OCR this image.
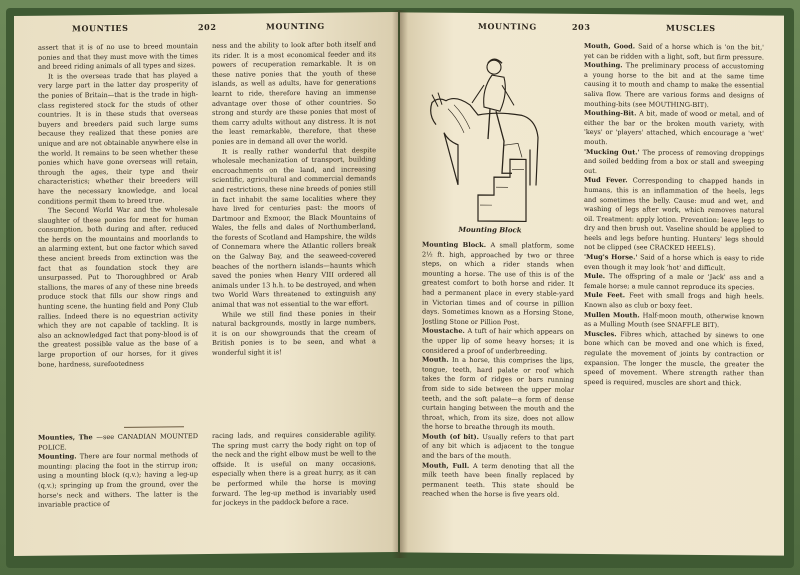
MOUNTIES	202	MOUNTING

assert that it is of no use to breed mountain ponies and that they must move with the times and breed riding animals of all types and sizes.

It is the overseas trade that has played a very large part in the latter day prosperity of the ponies of Britain—that is the trade in high-class registered stock for the studs of other countries. It is in these studs that overseas buyers and breeders paid such large sums because they realized that these ponies are unique and are not obtainable anywhere else in the world. It remains to be seen whether these ponies which have gone overseas will retain, through the ages, their type and their characteristics; whether their breeders will have the necessary knowledge, and local conditions permit them to breed true.

The Second World War and the wholesale slaughter of these ponies for meat for human consumption, both during and after, reduced the herds on the mountains and moorlands to an alarming extent, but one factor which saved these ancient breeds from extinction was the fact that as foundation stock they are unsurpassed. Put to Thoroughbred or Arab stallions, the mares of any of these nine breeds produce stock that fills our show rings and hunting scene, the hunting field and Pony Club rallies. Indeed there is no equestrian activity which they are not capable of tackling. It is also an acknowledged fact that pony-blood is of the greatest possible value as the base of a large proportion of our horses, for it gives bone, hardness, surefootedness

ness and the ability to look after both itself and its rider. It is a most economical feeder and its powers of recuperation remarkable. It is on these native ponies that the youth of these islands, as well as adults, have for generations learnt to ride, therefore having an immense advantage over those of other countries. So strong and sturdy are these ponies that most of them carry adults without any distress. It is not the least remarkable, therefore, that these ponies are in demand all over the world.

It is really rather wonderful that despite wholesale mechanization of transport, building encroachments on the land, and increasing scientific, agricultural and commercial demands and restrictions, these nine breeds of ponies still in fact inhabit the same localities where they have lived for centuries past: the moors of Dartmoor and Exmoor, the Black Mountains of Wales, the fells and dales of Northumberland, the forests of Scotland and Hampshire, the wilds of Connemara where the Atlantic rollers break on the Galway Bay, and the seaweed-covered beaches of the northern islands—haunts which saved the ponies when Henry VIII ordered all animals under 13 h.h. to be destroyed, and when two World Wars threatened to extinguish any animal that was not essential to the war effort.

While we still find these ponies in their natural backgrounds, mostly in large numbers, it is on our showgrounds that the cream of British ponies is to be seen, and what a wonderful sight it is!

Mounties, The —see CANADIAN MOUNTED POLICE.

Mounting. There are four normal methods of mounting: placing the foot in the stirrup iron; using a mounting block (q.v.); having a leg-up (q.v.); springing up from the ground, over the horse's neck and withers. The latter is the invariable practice of

racing lads, and requires considerable agility. The spring must carry the body right on top of the neck and the right elbow must be well to the offside. It is useful on many occasions, especially when there is a great hurry, as it can be performed while the horse is moving forward. The leg-up method is invariably used for jockeys in the paddock before a race.

MOUNTING	203	MUSCLES
Mounting Block

Mounting Block. A small platform, some 2½ ft. high, approached by two or three steps, on which a rider stands when mounting a horse. The use of this is of the greatest comfort to both horse and rider. It had a permanent place in every stable-yard in Victorian times and of course in pillion days. Sometimes known as a Horsing Stone, Jostling Stone or Pillion Post.

Moustache. A tuft of hair which appears on the upper lip of some heavy horses; it is considered a proof of underbreeding.

Mouth. In a horse, this comprises the lips, tongue, teeth, hard palate or roof which takes the form of ridges or bars running from side to side between the upper molar teeth, and the soft palate—a form of dense curtain hanging between the mouth and the throat, which, from its size, does not allow the horse to breathe through its mouth.

Mouth (of bit). Usually refers to that part of any bit which is adjacent to the tongue and the bars of the mouth.

Mouth, Full. A term denoting that all the milk teeth have been finally replaced by permanent teeth. This state should be reached when the horse is five years old.

Mouth, Good. Said of a horse which is 'on the bit,' yet can be ridden with a light, soft, but firm pressure.

Mouthing. The preliminary process of accustoming a young horse to the bit and at the same time causing it to mouth and champ to make the essential saliva flow. There are various forms and designs of mouthing-bits (see MOUTHING-BIT).

Mouthing-Bit. A bit, made of wood or metal, and of either the bar or the broken mouth variety, with 'keys' or 'players' attached, which encourage a 'wet' mouth.

'Mucking Out.' The process of removing droppings and soiled bedding from a box or stall and sweeping out.

Mud Fever. Corresponding to chapped hands in humans, this is an inflammation of the heels, legs and sometimes the belly. Cause: mud and wet, and washing of legs after work, which removes natural oil. Treatment: apply lotion. Prevention: leave legs to dry and then brush out. Vaseline should be applied to heels and legs before hunting. Hunters' legs should not be clipped (see CRACKED HEELS).

'Mug's Horse.' Said of a horse which is easy to ride even though it may look 'hot' and difficult.

Mule. The offspring of a male or 'Jack' ass and a female horse; a mule cannot reproduce its species.

Mule Feet. Feet with small frogs and high heels. Known also as club or boxy feet.

Mullen Mouth. Half-moon mouth, otherwise known as a Mulling Mouth (see SNAFFLE BIT).

Muscles. Fibres which, attached by sinews to one bone which can be moved and one which is fixed, regulate the movement of joints by contraction or expansion. The longer the muscle, the greater the speed of movement. Where strength rather than speed is required, muscles are short and thick.
